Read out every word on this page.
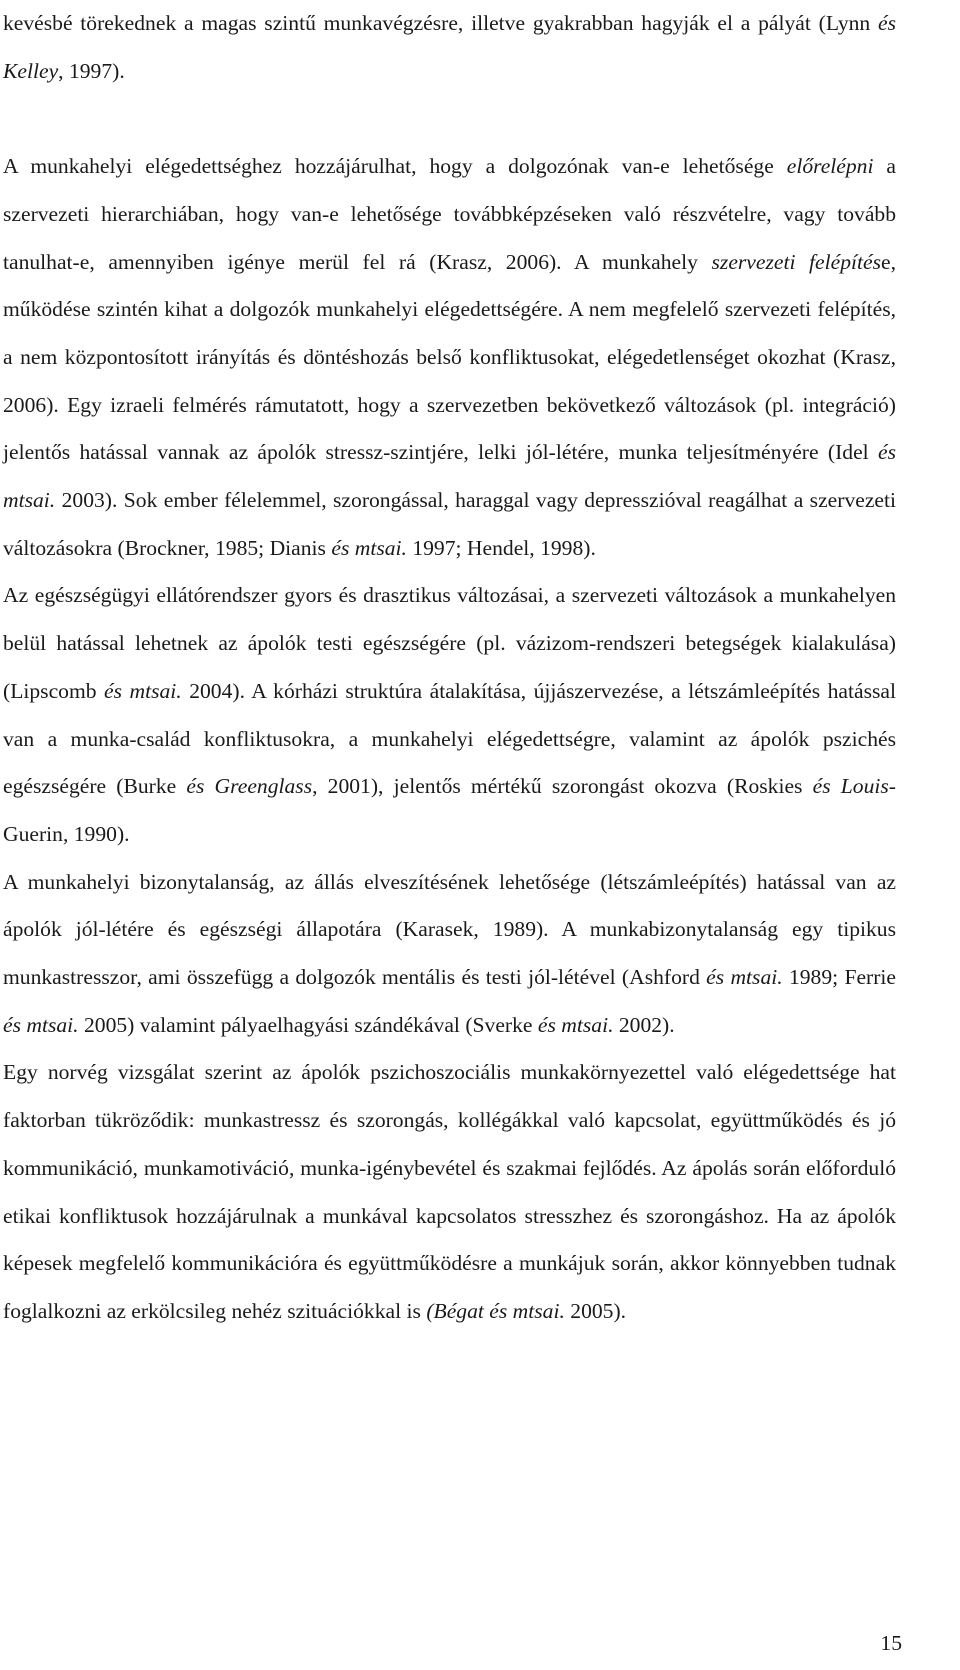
kevésbé törekednek a magas szintű munkavégzésre, illetve gyakrabban hagyják el a pályát (Lynn és Kelley, 1997).

A munkahelyi elégedettséghez hozzájárulhat, hogy a dolgozónak van-e lehetősége előrelépni a szervezeti hierarchiában, hogy van-e lehetősége továbbképzéseken való részvételre, vagy tovább tanulhat-e, amennyiben igénye merül fel rá (Krasz, 2006). A munkahely szervezeti felépítése, működése szintén kihat a dolgozók munkahelyi elégedettségére. A nem megfelelő szervezeti felépítés, a nem központosított irányítás és döntéshozás belső konfliktusokat, elégedetlenséget okozhat (Krasz, 2006). Egy izraeli felmérés rámutatott, hogy a szervezetben bekövetkező változások (pl. integráció) jelentős hatással vannak az ápolók stressz-szintjére, lelki jól-létére, munka teljesítményére (Idel és mtsai. 2003). Sok ember félelemmel, szorongással, haraggal vagy depresszióval reagálhat a szervezeti változásokra (Brockner, 1985; Dianis és mtsai. 1997; Hendel, 1998).

Az egészségügyi ellátórendszer gyors és drasztikus változásai, a szervezeti változások a munkahelyen belül hatással lehetnek az ápolók testi egészségére (pl. vázizom-rendszeri betegségek kialakulása) (Lipscomb és mtsai. 2004). A kórházi struktúra átalakítása, újjászervezése, a létszámleépítés hatással van a munka-család konfliktusokra, a munkahelyi elégedettségre, valamint az ápolók pszichés egészségére (Burke és Greenglass, 2001), jelentős mértékű szorongást okozva (Roskies és Louis-Guerin, 1990).

A munkahelyi bizonytalanság, az állás elveszítésének lehetősége (létszámleépítés) hatással van az ápolók jól-létére és egészségi állapotára (Karasek, 1989). A munkabizonytalanság egy tipikus munkastresszor, ami összefügg a dolgozók mentális és testi jól-létével (Ashford és mtsai. 1989; Ferrie és mtsai. 2005) valamint pályaelhagyási szándékával (Sverke és mtsai. 2002).

Egy norvég vizsgálat szerint az ápolók pszichoszociális munkakörnyezettel való elégedettsége hat faktorban tükröződik: munkastressz és szorongás, kollégákkal való kapcsolat, együttműködés és jó kommunikáció, munkamotiváció, munka-igénybevétel és szakmai fejlődés. Az ápolás során előforduló etikai konfliktusok hozzájárulnak a munkával kapcsolatos stresszhez és szorongáshoz. Ha az ápolók képesek megfelelő kommunikációra és együttműködésre a munkájuk során, akkor könnyebben tudnak foglalkozni az erkölcsileg nehéz szituációkkal is (Bégat és mtsai. 2005).

15
